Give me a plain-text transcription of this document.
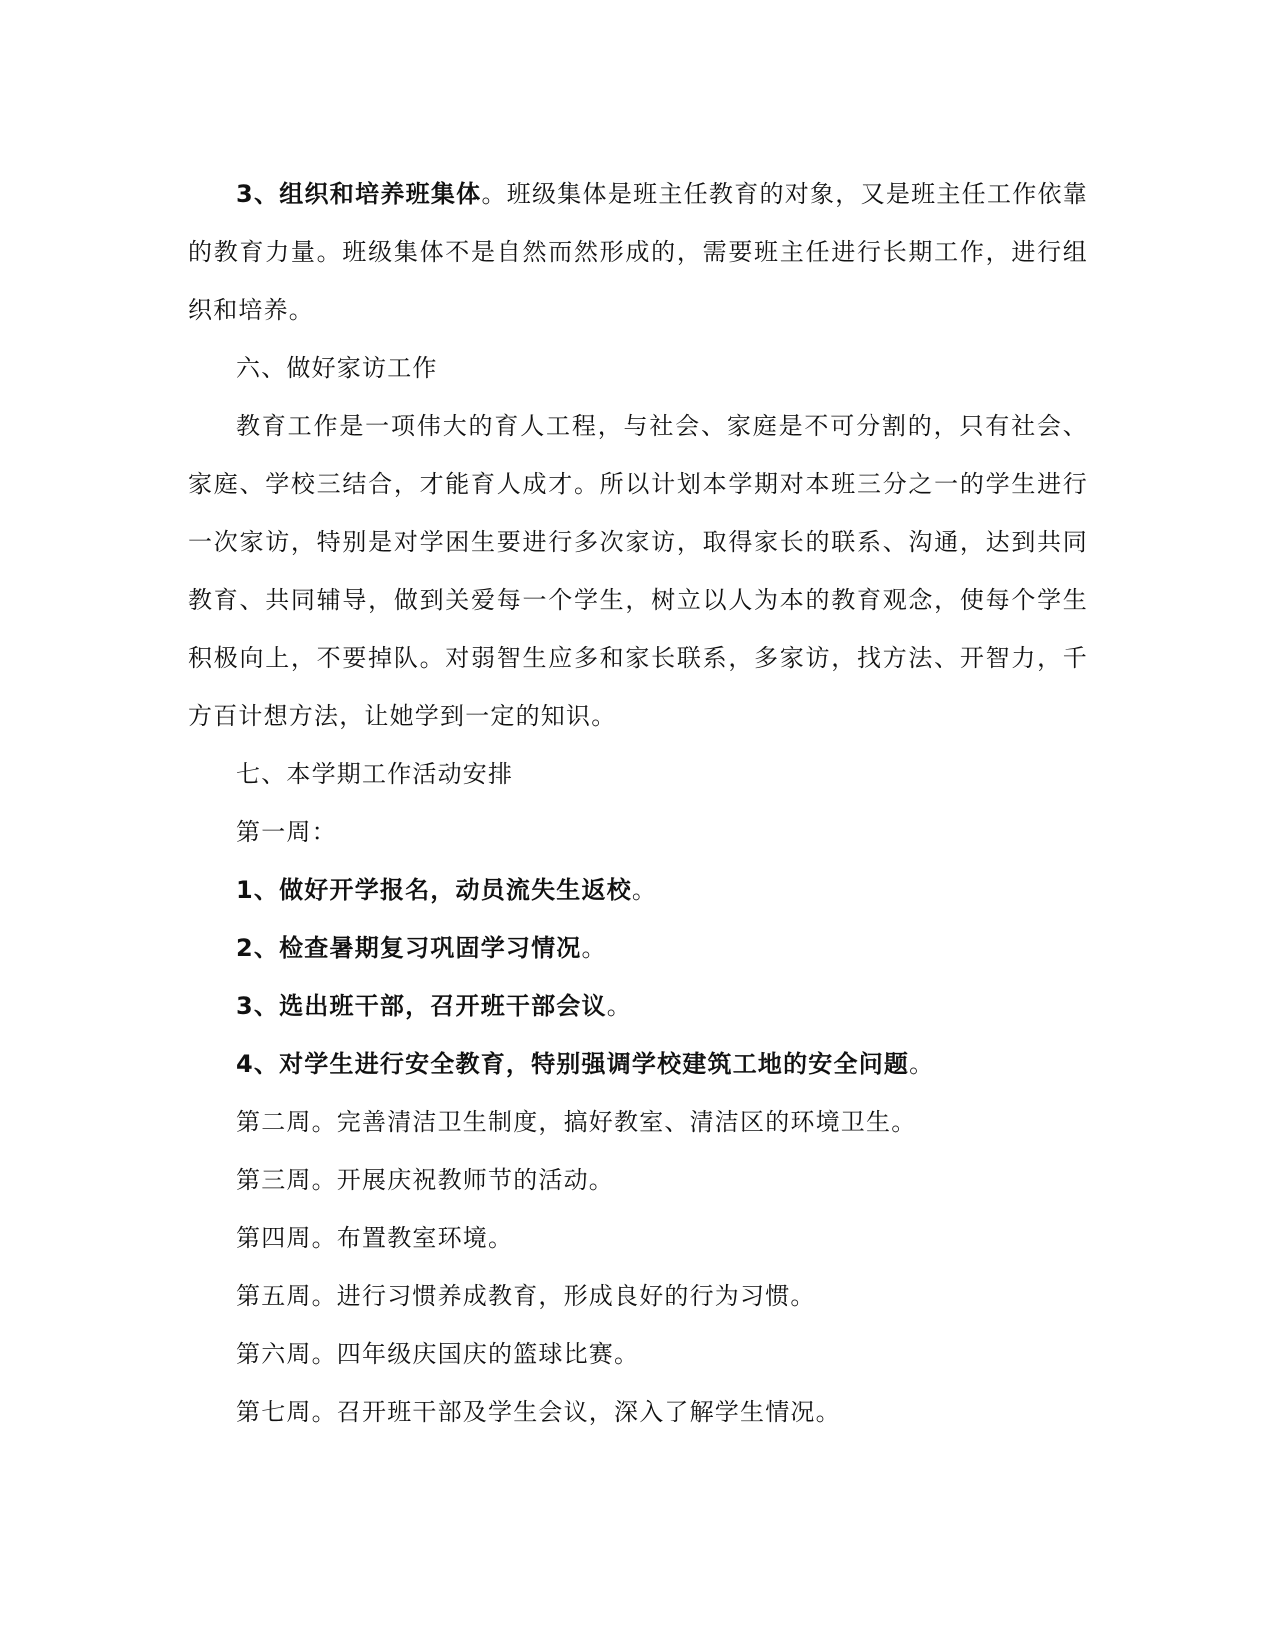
3、组织和培养班集体。班级集体是班主任教育的对象，又是班主任工作依靠的教育力量。班级集体不是自然而然形成的，需要班主任进行长期工作，进行组织和培养。

六、做好家访工作

教育工作是一项伟大的育人工程，与社会、家庭是不可分割的，只有社会、家庭、学校三结合，才能育人成才。所以计划本学期对本班三分之一的学生进行一次家访，特别是对学困生要进行多次家访，取得家长的联系、沟通，达到共同教育、共同辅导，做到关爱每一个学生，树立以人为本的教育观念，使每个学生积极向上，不要掉队。对弱智生应多和家长联系，多家访，找方法、开智力，千方百计想方法，让她学到一定的知识。

七、本学期工作活动安排

第一周：

1、做好开学报名，动员流失生返校。

2、检查暑期复习巩固学习情况。

3、选出班干部，召开班干部会议。

4、对学生进行安全教育，特别强调学校建筑工地的安全问题。

第二周。完善清洁卫生制度，搞好教室、清洁区的环境卫生。

第三周。开展庆祝教师节的活动。

第四周。布置教室环境。

第五周。进行习惯养成教育，形成良好的行为习惯。

第六周。四年级庆国庆的篮球比赛。

第七周。召开班干部及学生会议，深入了解学生情况。
